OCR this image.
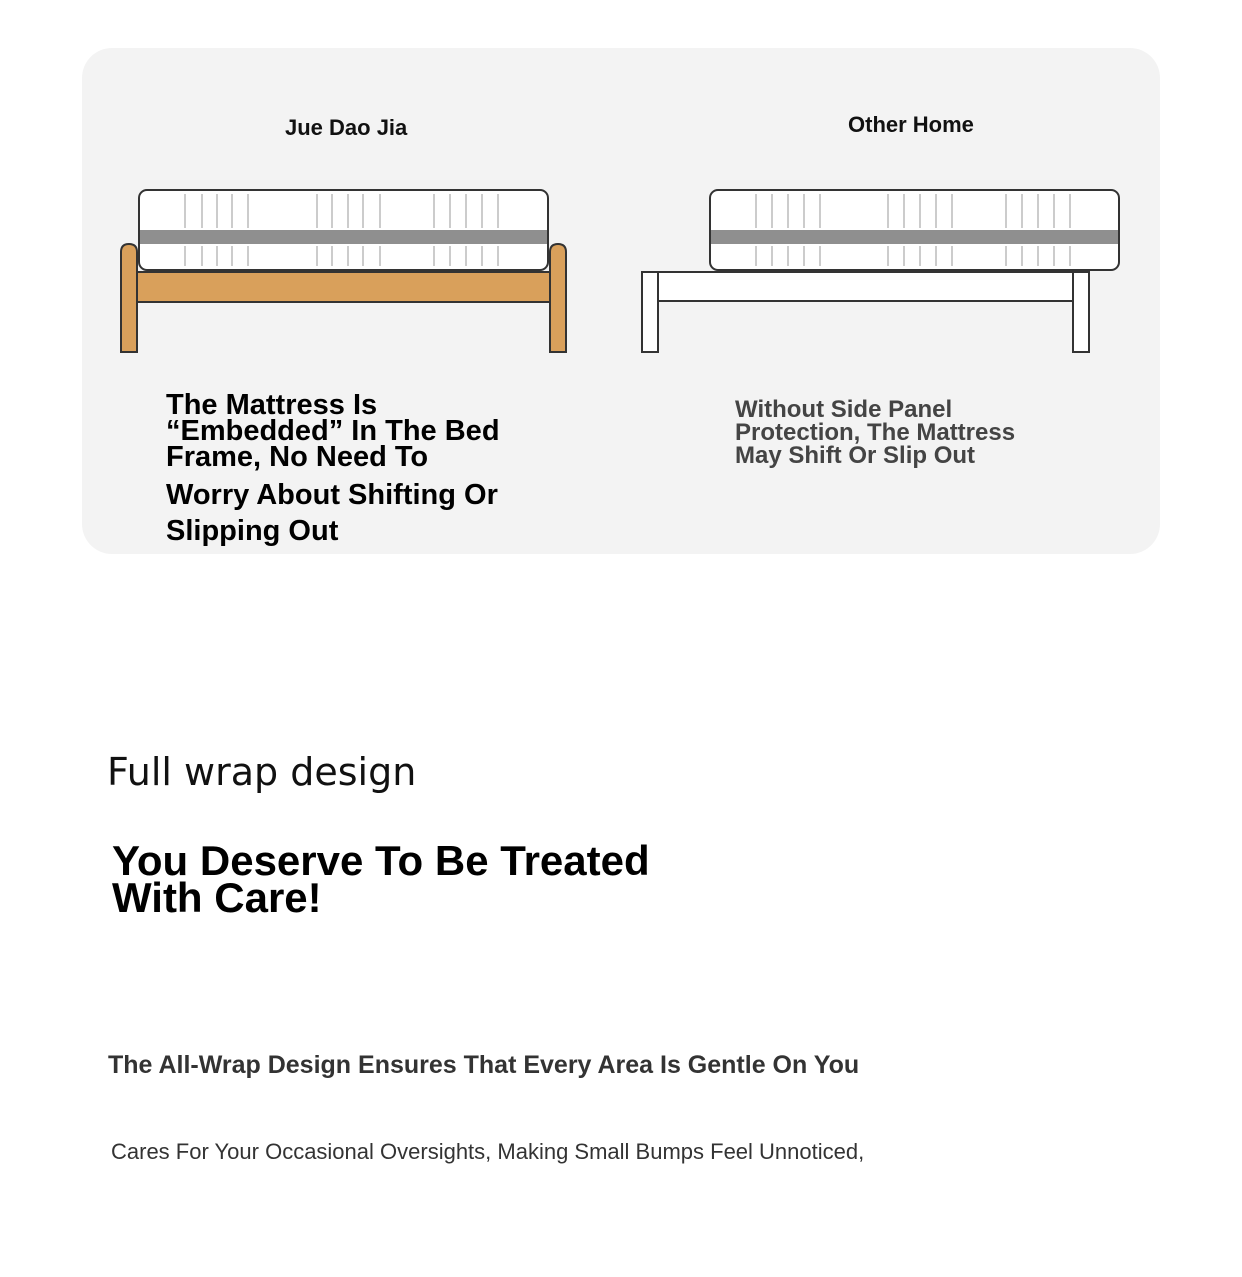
Jue Dao Jia	Other Home
The Mattress Is “Embedded” In The Bed Frame, No Need To
Worry About Shifting Or Slipping Out
Without Side Panel Protection, The Mattress May Shift Or Slip Out
Full wrap design
You Deserve To Be Treated With Care!
The All-Wrap Design Ensures That Every Area Is Gentle On You
Cares For Your Occasional Oversights, Making Small Bumps Feel Unnoticed,
